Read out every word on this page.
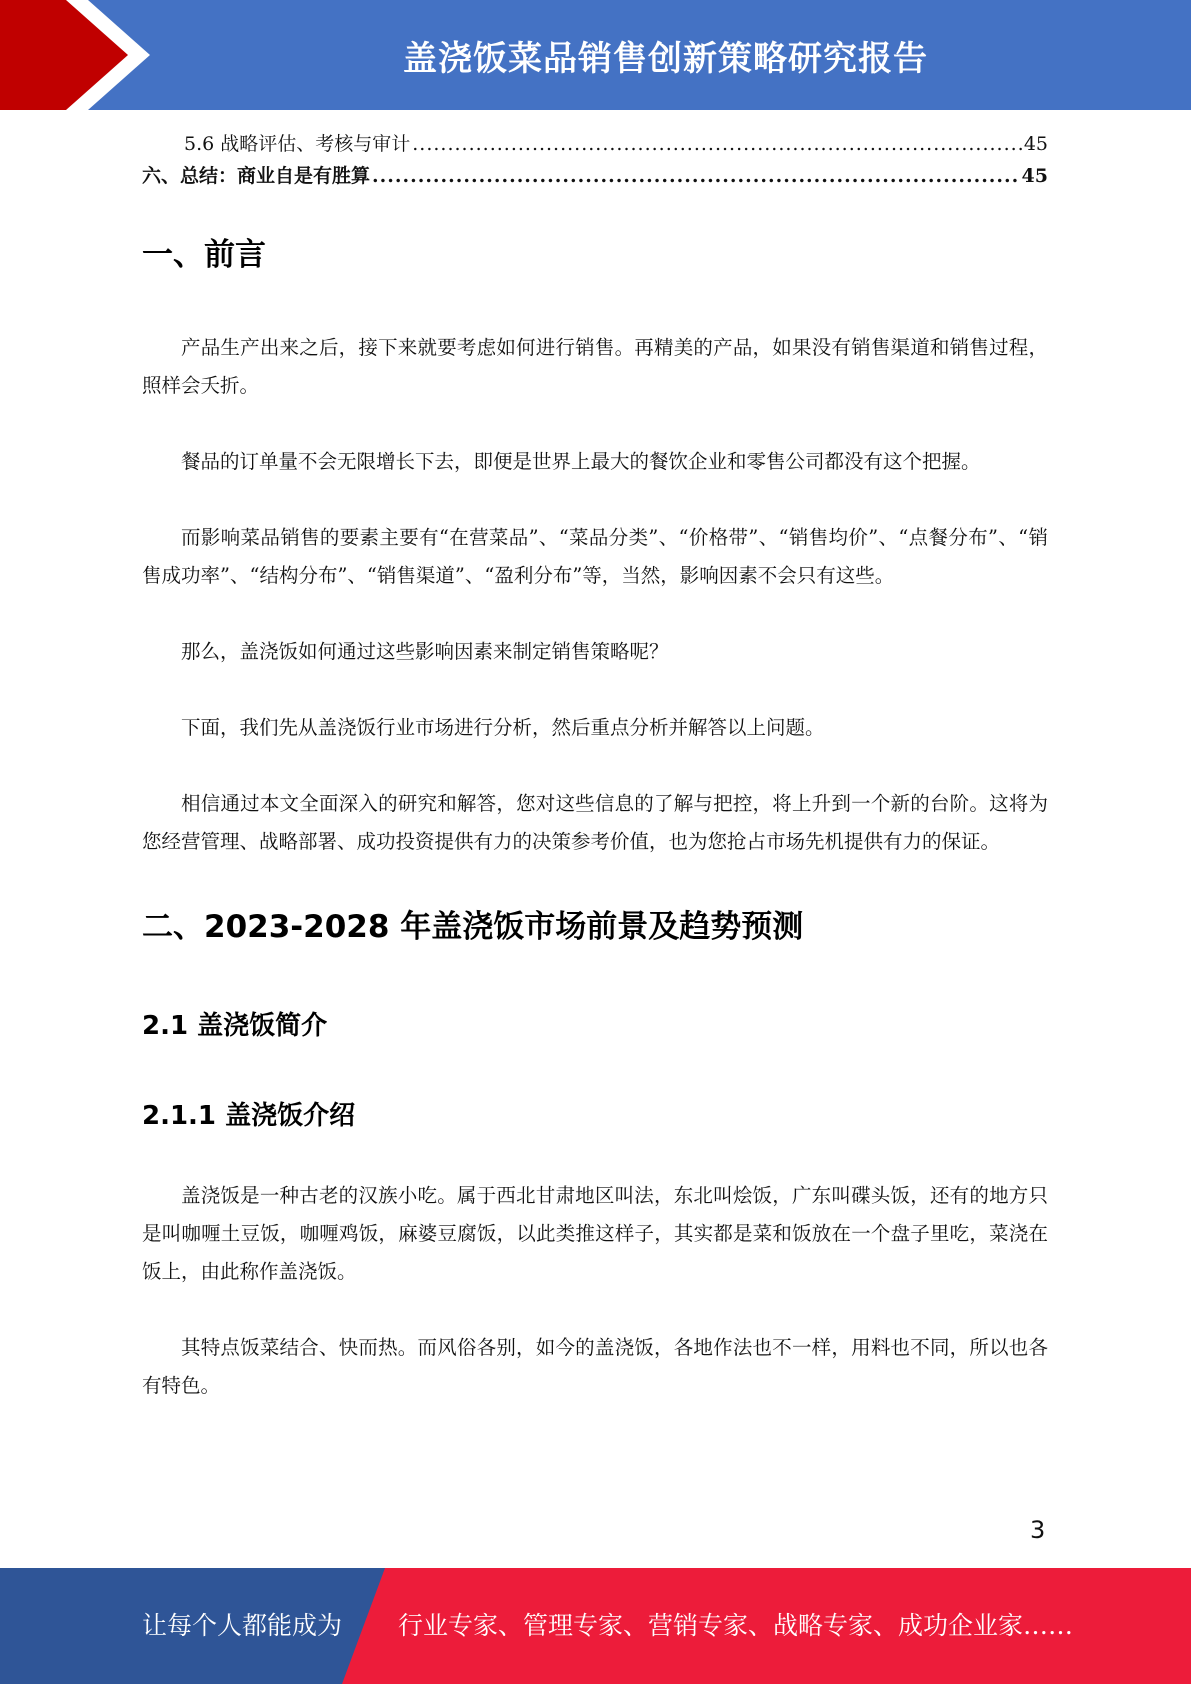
盖浇饭菜品销售创新策略研究报告
5.6 战略评估、考核与审计 .....	45
六、总结：商业自是有胜算 .....	45
一、前言

产品生产出来之后，接下来就要考虑如何进行销售。再精美的产品，如果没有销售渠道和销售过程，照样会夭折。

餐品的订单量不会无限增长下去，即便是世界上最大的餐饮企业和零售公司都没有这个把握。

而影响菜品销售的要素主要有“在营菜品”、“菜品分类”、“价格带”、“销售均价”、“点餐分布”、“销售成功率”、“结构分布”、“销售渠道”、“盈利分布”等，当然，影响因素不会只有这些。

那么，盖浇饭如何通过这些影响因素来制定销售策略呢？

下面，我们先从盖浇饭行业市场进行分析，然后重点分析并解答以上问题。

相信通过本文全面深入的研究和解答，您对这些信息的了解与把控，将上升到一个新的台阶。这将为您经营管理、战略部署、成功投资提供有力的决策参考价值，也为您抢占市场先机提供有力的保证。

二、2023-2028 年盖浇饭市场前景及趋势预测
2.1 盖浇饭简介
2.1.1 盖浇饭介绍

盖浇饭是一种古老的汉族小吃。属于西北甘肃地区叫法，东北叫烩饭，广东叫碟头饭，还有的地方只是叫咖喱土豆饭，咖喱鸡饭，麻婆豆腐饭，以此类推这样子，其实都是菜和饭放在一个盘子里吃，菜浇在饭上，由此称作盖浇饭。

其特点饭菜结合、快而热。而风俗各别，如今的盖浇饭，各地作法也不一样，用料也不同，所以也各有特色。

3
让每个人都能成为 行业专家、管理专家、营销专家、战略专家、成功企业家……
